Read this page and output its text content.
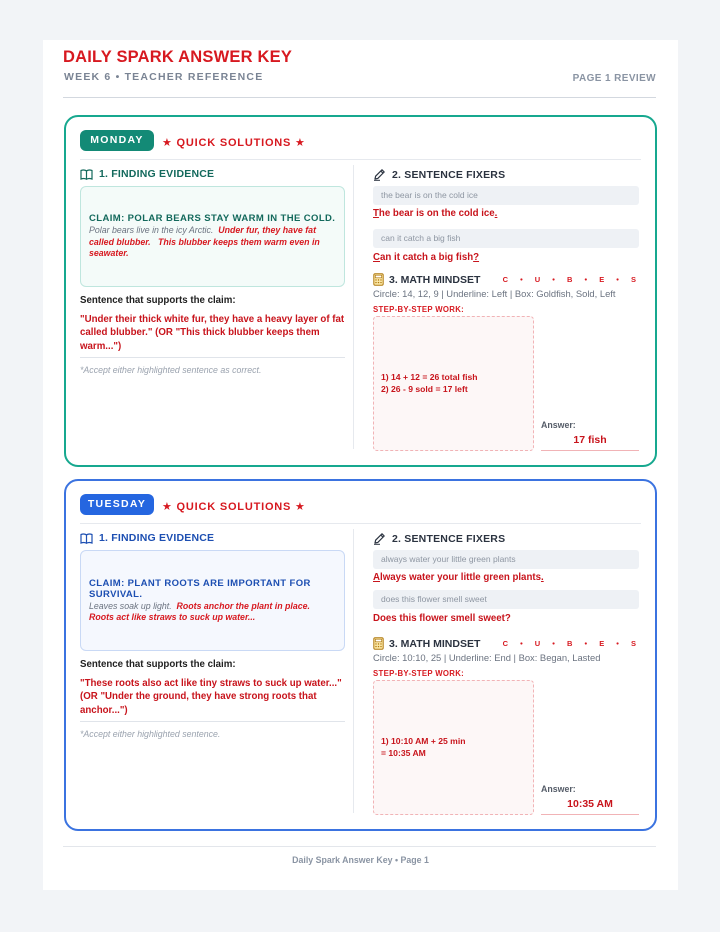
DAILY SPARK ANSWER KEY
WEEK 6 • TEACHER REFERENCE	PAGE 1 REVIEW
MONDAY	★ QUICK SOLUTIONS ★
1. FINDING EVIDENCE
CLAIM: POLAR BEARS STAY WARM IN THE COLD.
Polar bears live in the icy Arctic. Under fur, they have fat called blubber. This blubber keeps them warm even in seawater.
Sentence that supports the claim:
"Under their thick white fur, they have a heavy layer of fat called blubber." (OR "This thick blubber keeps them warm...")
*Accept either highlighted sentence as correct.
2. SENTENCE FIXERS
the bear is on the cold ice
The bear is on the cold ice.
can it catch a big fish
Can it catch a big fish?
3. MATH MINDSET	C • U • B • E • S
Circle: 14, 12, 9 | Underline: Left | Box: Goldfish, Sold, Left
STEP-BY-STEP WORK:
1) 14 + 12 = 26 total fish
2) 26 - 9 sold = 17 left
Answer:
17 fish
TUESDAY	★ QUICK SOLUTIONS ★
1. FINDING EVIDENCE
CLAIM: PLANT ROOTS ARE IMPORTANT FOR SURVIVAL.
Leaves soak up light. Roots anchor the plant in place.   Roots act like straws to suck up water...
Sentence that supports the claim:
"These roots also act like tiny straws to suck up water..." (OR "Under the ground, they have strong roots that anchor...")
*Accept either highlighted sentence.
2. SENTENCE FIXERS
always water your little green plants
Always water your little green plants.
does this flower smell sweet
Does this flower smell sweet?
3. MATH MINDSET	C • U • B • E • S
Circle: 10:10, 25 | Underline: End | Box: Began, Lasted
STEP-BY-STEP WORK:
1) 10:10 AM + 25 min
= 10:35 AM
Answer:
10:35 AM
Daily Spark Answer Key • Page 1
